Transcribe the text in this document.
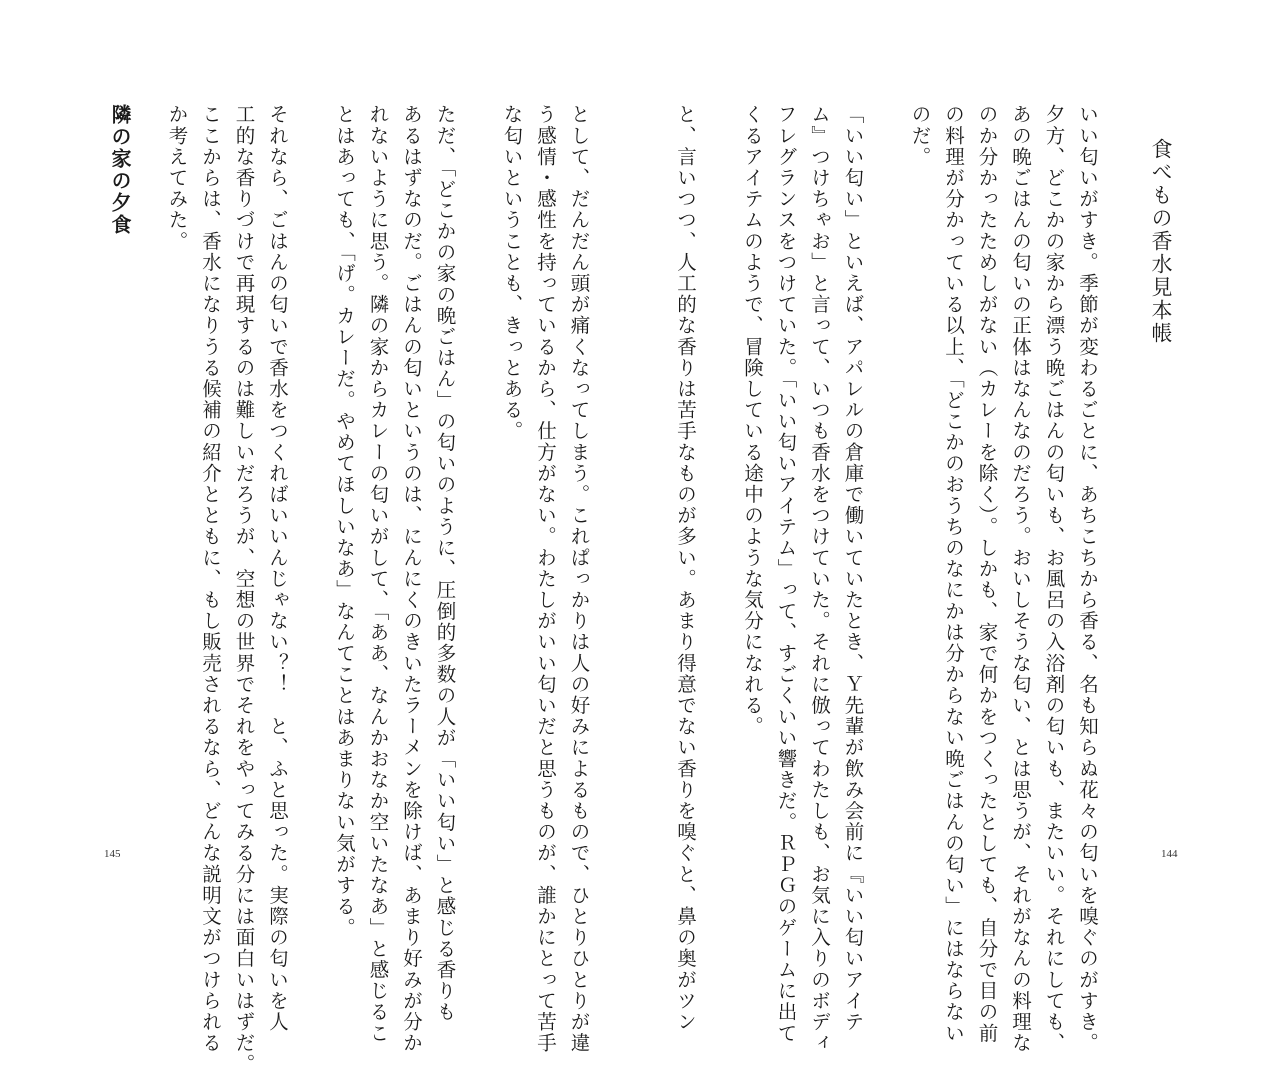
食べもの香水見本帳
いい匂いがすき。季節が変わるごとに、あちこちから香る、名も知らぬ花々の匂いを嗅ぐのがすき。
夕方、どこかの家から漂う晩ごはんの匂いも、お風呂の入浴剤の匂いも、またいい。それにしても、
あの晩ごはんの匂いの正体はなんなのだろう。おいしそうな匂い、とは思うが、それがなんの料理な
のか分かったためしがない（カレーを除く）。しかも、家で何かをつくったとしても、自分で目の前
の料理が分かっている以上、「どこかのおうちのなにかは分からない晩ごはんの匂い」にはならない
のだ。

「いい匂い」といえば、アパレルの倉庫で働いていたとき、Ｙ先輩が飲み会前に『いい匂いアイテ
ム』つけちゃお」と言って、いつも香水をつけていた。それに倣ってわたしも、お気に入りのボディ
フレグランスをつけていた。「いい匂いアイテム」って、すごくいい響きだ。ＲＰＧのゲームに出て
くるアイテムのようで、冒険している途中のような気分になれる。

と、言いつつ、人工的な香りは苦手なものが多い。あまり得意でない香りを嗅ぐと、鼻の奥がツン	144
として、だんだん頭が痛くなってしまう。これぱっかりは人の好みによるもので、ひとりひとりが違
う感情・感性を持っているから、仕方がない。わたしがいい匂いだと思うものが、誰かにとって苦手
な匂いということも、きっとある。

ただ、「どこかの家の晩ごはん」の匂いのように、圧倒的多数の人が「いい匂い」と感じる香りも
あるはずなのだ。ごはんの匂いというのは、にんにくのきいたラーメンを除けば、あまり好みが分か
れないように思う。隣の家からカレーの匂いがして、「ああ、なんかおなか空いたなあ」と感じるこ
とはあっても、「げ。カレーだ。やめてほしいなあ」なんてことはあまりない気がする。

それなら、ごはんの匂いで香水をつくればいいんじゃない？！　と、ふと思った。実際の匂いを人
工的な香りづけで再現するのは難しいだろうが、空想の世界でそれをやってみる分には面白いはずだ。
ここからは、香水になりうる候補の紹介とともに、もし販売されるなら、どんな説明文がつけられる
か考えてみた。
隣の家の夕食
145
